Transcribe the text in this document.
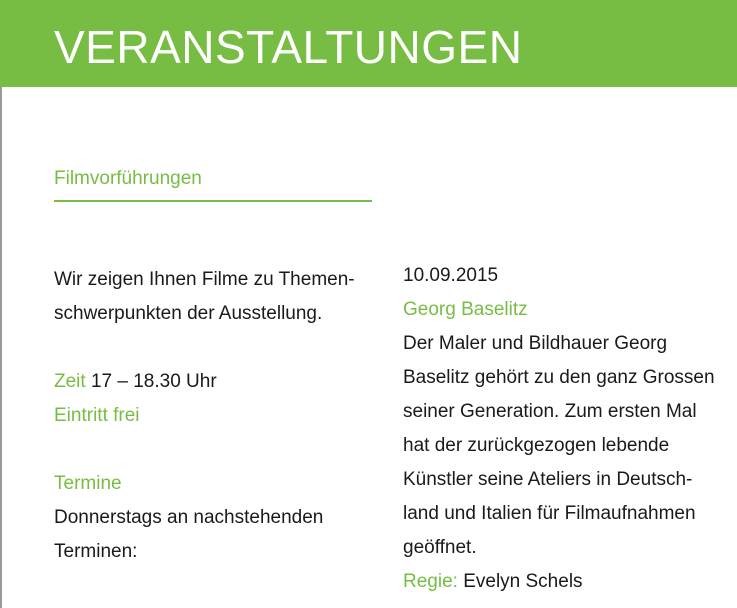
VERANSTALTUNGEN
Filmvorführungen
Wir zeigen Ihnen Filme zu Themen-
schwerpunkten der Ausstellung.
Zeit 17 – 18.30 Uhr
Eintritt frei
Termine
Donnerstags an nachstehenden
Terminen:
10.09.2015
Georg Baselitz
Der Maler und Bildhauer Georg
Baselitz gehört zu den ganz Grossen
seiner Generation. Zum ersten Mal
hat der zurückgezogen lebende
Künstler seine Ateliers in Deutsch-
land und Italien für Filmaufnahmen
geöffnet.
Regie: Evelyn Schels
